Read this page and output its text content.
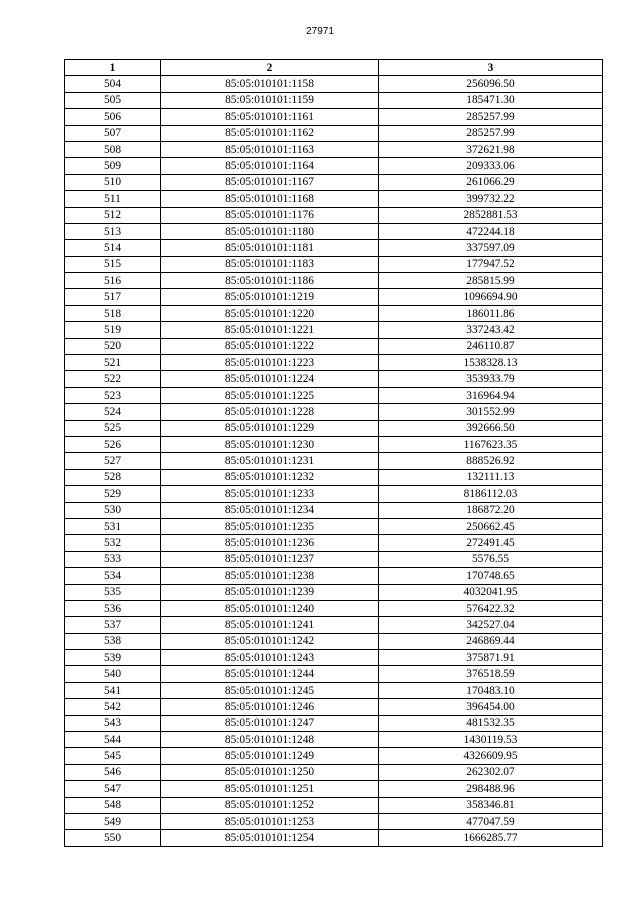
27971
1	2	3
504	85:05:010101:1158	256096.50
505	85:05:010101:1159	185471.30
506	85:05:010101:1161	285257.99
507	85:05:010101:1162	285257.99
508	85:05:010101:1163	372621.98
509	85:05:010101:1164	209333.06
510	85:05:010101:1167	261066.29
511	85:05:010101:1168	399732.22
512	85:05:010101:1176	2852881.53
513	85:05:010101:1180	472244.18
514	85:05:010101:1181	337597.09
515	85:05:010101:1183	177947.52
516	85:05:010101:1186	285815.99
517	85:05:010101:1219	1096694.90
518	85:05:010101:1220	186011.86
519	85:05:010101:1221	337243.42
520	85:05:010101:1222	246110.87
521	85:05:010101:1223	1538328.13
522	85:05:010101:1224	353933.79
523	85:05:010101:1225	316964.94
524	85:05:010101:1228	301552.99
525	85:05:010101:1229	392666.50
526	85:05:010101:1230	1167623.35
527	85:05:010101:1231	888526.92
528	85:05:010101:1232	132111.13
529	85:05:010101:1233	8186112.03
530	85:05:010101:1234	186872.20
531	85:05:010101:1235	250662.45
532	85:05:010101:1236	272491.45
533	85:05:010101:1237	5576.55
534	85:05:010101:1238	170748.65
535	85:05:010101:1239	4032041.95
536	85:05:010101:1240	576422.32
537	85:05:010101:1241	342527.04
538	85:05:010101:1242	246869.44
539	85:05:010101:1243	375871.91
540	85:05:010101:1244	376518.59
541	85:05:010101:1245	170483.10
542	85:05:010101:1246	396454.00
543	85:05:010101:1247	481532.35
544	85:05:010101:1248	1430119.53
545	85:05:010101:1249	4326609.95
546	85:05:010101:1250	262302.07
547	85:05:010101:1251	298488.96
548	85:05:010101:1252	358346.81
549	85:05:010101:1253	477047.59
550	85:05:010101:1254	1666285.77
